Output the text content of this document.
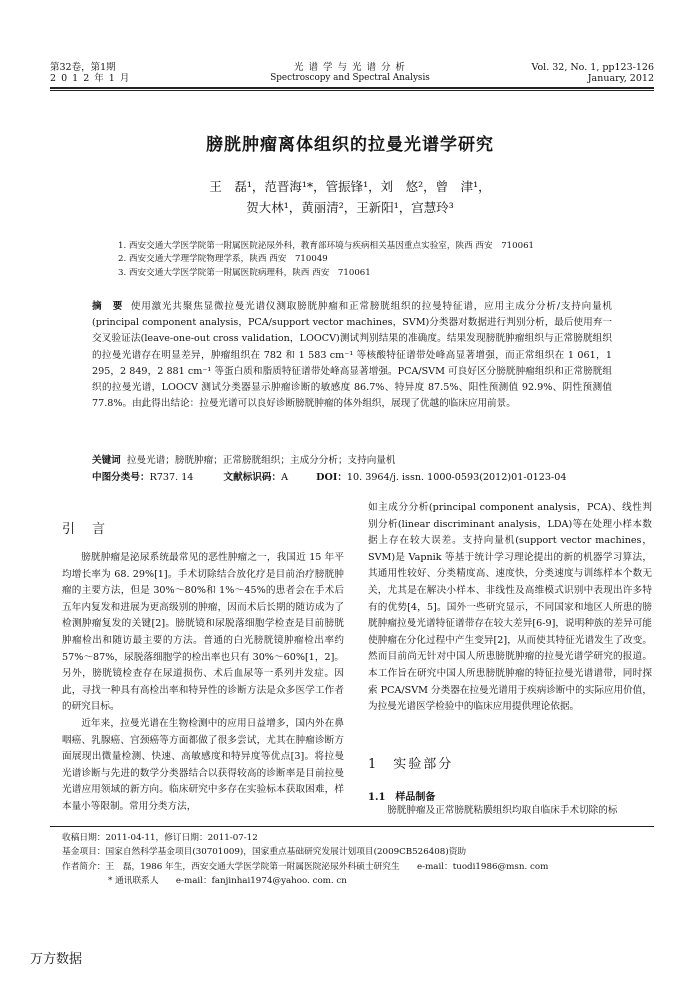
第32卷，第1期
2 0 1 2 年 1 月
光 谱 学 与 光 谱 分 析
Spectroscopy and Spectral Analysis
Vol. 32, No. 1, pp123-126
January, 2012
膀胱肿瘤离体组织的拉曼光谱学研究
王　磊¹，范晋海¹*，管振锋¹，刘　悠²，曾　津¹，
贺大林¹，黄丽清²，王新阳¹，宫慧玲³
1. 西安交通大学医学院第一附属医院泌尿外科，教育部环境与疾病相关基因重点实验室，陕西 西安　710061
2. 西安交通大学理学院物理学系，陕西 西安　710049
3. 西安交通大学医学院第一附属医院病理科，陕西 西安　710061
摘　要 使用激光共聚焦显微拉曼光谱仪测取膀胱肿瘤和正常膀胱组织的拉曼特征谱，应用主成分分析/支持向量机(principal component analysis，PCA/support vector machines，SVM)分类器对数据进行判别分析，最后使用弃一交叉验证法(leave-one-out cross validation，LOOCV)测试判别结果的准确度。结果发现膀胱肿瘤组织与正常膀胱组织的拉曼光谱存在明显差异，肿瘤组织在 782 和 1 583 cm⁻¹ 等核酸特征谱带处峰高显著增强，而正常组织在 1 061，1 295，2 849，2 881 cm⁻¹ 等蛋白质和脂质特征谱带处峰高显著增强。PCA/SVM 可良好区分膀胱肿瘤组织和正常膀胱组织的拉曼光谱，LOOCV 测试分类器显示肿瘤诊断的敏感度 86.7%、特异度 87.5%、阳性预测值 92.9%、阴性预测值 77.8%。由此得出结论：拉曼光谱可以良好诊断膀胱肿瘤的体外组织，展现了优越的临床应用前景。
关键词 拉曼光谱；膀胱肿瘤；正常膀胱组织；主成分分析；支持向量机
中图分类号：R737. 14	文献标识码：A	DOI：10. 3964/j. issn. 1000-0593(2012)01-0123-04
引　言
膀胱肿瘤是泌尿系统最常见的恶性肿瘤之一，我国近 15 年平均增长率为 68. 29%[1]。手术切除结合放化疗是目前治疗膀胱肿瘤的主要方法，但是 30%～80%和 1%～45%的患者会在手术后五年内复发和进展为更高级别的肿瘤，因而术后长期的随访成为了检测肿瘤复发的关键[2]。膀胱镜和尿脱落细胞学检查是目前膀胱肿瘤检出和随访最主要的方法。普通的白光膀胱镜肿瘤检出率约 57%～87%，尿脱落细胞学的检出率也只有 30%～60%[1，2]。另外，膀胱镜检查存在尿道损伤、术后血尿等一系列并发症。因此，寻找一种具有高检出率和特异性的诊断方法是众多医学工作者的研究目标。
近年来，拉曼光谱在生物检测中的应用日益增多，国内外在鼻咽癌、乳腺癌、宫颈癌等方面都做了很多尝试，尤其在肿瘤诊断方面展现出微量检测、快速、高敏感度和特异度等优点[3]。将拉曼光谱诊断与先进的数学分类器结合以获得较高的诊断率是目前拉曼光谱应用领域的新方向。临床研究中多存在实验标本获取困难，样本量小等限制。常用分类方法，
如主成分分析(principal component analysis，PCA)、线性判别分析(linear discriminant analysis，LDA)等在处理小样本数据上存在较大误差。支持向量机(support vector machines，SVM)是 Vapnik 等基于统计学习理论提出的新的机器学习算法，其通用性较好、分类精度高、速度快，分类速度与训练样本个数无关，尤其是在解决小样本、非线性及高维模式识别中表现出许多特有的优势[4，5]。国外一些研究显示，不同国家和地区人所患的膀胱肿瘤拉曼光谱特征谱带存在较大差异[6-9]，说明种族的差异可能使肿瘤在分化过程中产生变异[2]，从而使其特征光谱发生了改变。然而目前尚无针对中国人所患膀胱肿瘤的拉曼光谱学研究的报道。本工作旨在研究中国人所患膀胱肿瘤的特征拉曼光谱谱带，同时探索 PCA/SVM 分类器在拉曼光谱用于疾病诊断中的实际应用价值，为拉曼光谱医学检验中的临床应用提供理论依据。
1　实验部分
1.1　样品制备
膀胱肿瘤及正常膀胱粘膜组织均取自临床手术切除的标
收稿日期：2011-04-11，修订日期：2011-07-12
基金项目：国家自然科学基金项目(30701009)，国家重点基础研究发展计划项目(2009CB526408)资助
作者简介：王　磊，1986 年生，西安交通大学医学院第一附属医院泌尿外科硕士研究生　　e-mail：tuodi1986@msn. com
* 通讯联系人　　e-mail：fanjinhai1974@yahoo. com. cn
万方数据
